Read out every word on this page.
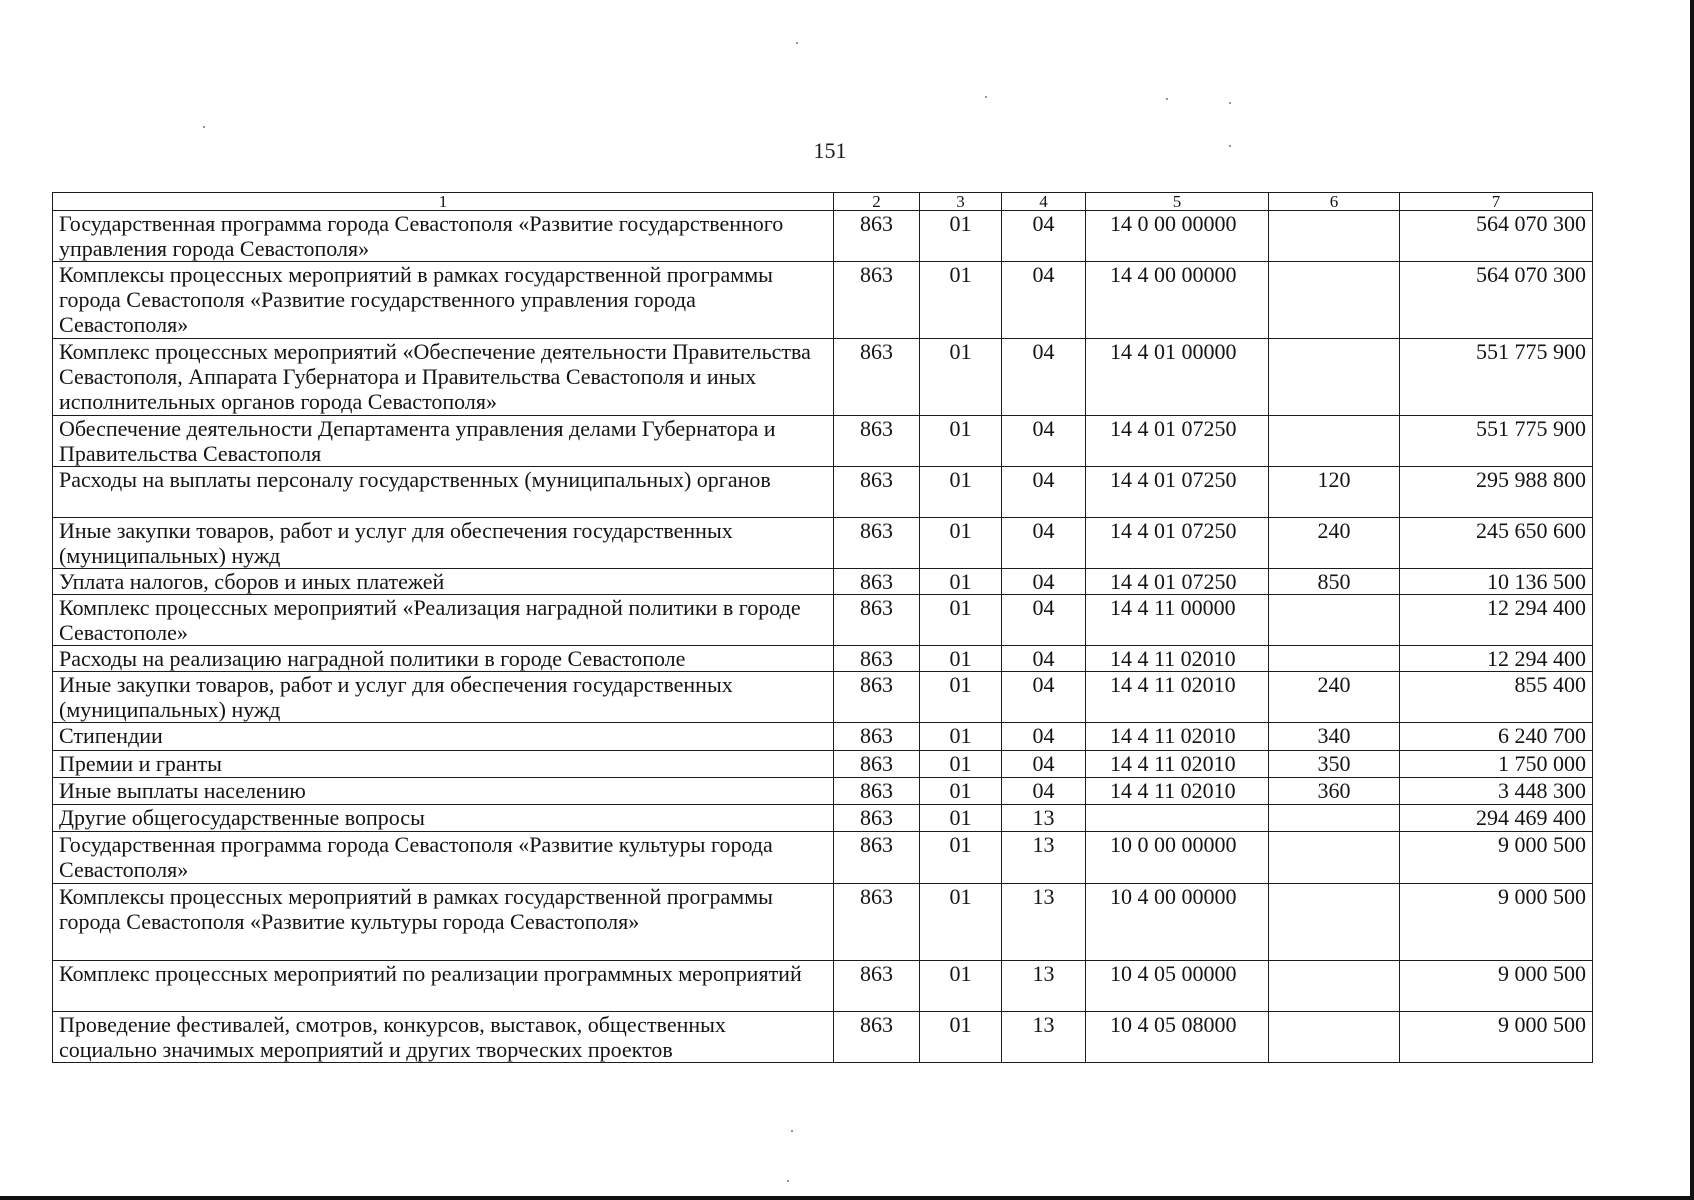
151
1	2	3	4	5	6	7
Государственная программа города Севастополя «Развитие государственного управления города Севастополя»	863	01	04	14 0 00 00000		564 070 300
Комплексы процессных мероприятий в рамках государственной программы города Севастополя «Развитие государственного управления города Севастополя»	863	01	04	14 4 00 00000		564 070 300
Комплекс процессных мероприятий «Обеспечение деятельности Правительства Севастополя, Аппарата Губернатора и Правительства Севастополя и иных исполнительных органов города Севастополя»	863	01	04	14 4 01 00000		551 775 900
Обеспечение деятельности Департамента управления делами Губернатора и Правительства Севастополя	863	01	04	14 4 01 07250		551 775 900
Расходы на выплаты персоналу государственных (муниципальных) органов	863	01	04	14 4 01 07250	120	295 988 800
Иные закупки товаров, работ и услуг для обеспечения государственных (муниципальных) нужд	863	01	04	14 4 01 07250	240	245 650 600
Уплата налогов, сборов и иных платежей	863	01	04	14 4 01 07250	850	10 136 500
Комплекс процессных мероприятий «Реализация наградной политики в городе Севастополе»	863	01	04	14 4 11 00000		12 294 400
Расходы на реализацию наградной политики в городе Севастополе	863	01	04	14 4 11 02010		12 294 400
Иные закупки товаров, работ и услуг для обеспечения государственных (муниципальных) нужд	863	01	04	14 4 11 02010	240	855 400
Стипендии	863	01	04	14 4 11 02010	340	6 240 700
Премии и гранты	863	01	04	14 4 11 02010	350	1 750 000
Иные выплаты населению	863	01	04	14 4 11 02010	360	3 448 300
Другие общегосударственные вопросы	863	01	13			294 469 400
Государственная программа города Севастополя «Развитие культуры города Севастополя»	863	01	13	10 0 00 00000		9 000 500
Комплексы процессных мероприятий в рамках государственной программы города Севастополя «Развитие культуры города Севастополя»	863	01	13	10 4 00 00000		9 000 500
Комплекс процессных мероприятий по реализации программных мероприятий	863	01	13	10 4 05 00000		9 000 500
Проведение фестивалей, смотров, конкурсов, выставок, общественных социально значимых мероприятий и других творческих проектов	863	01	13	10 4 05 08000		9 000 500
